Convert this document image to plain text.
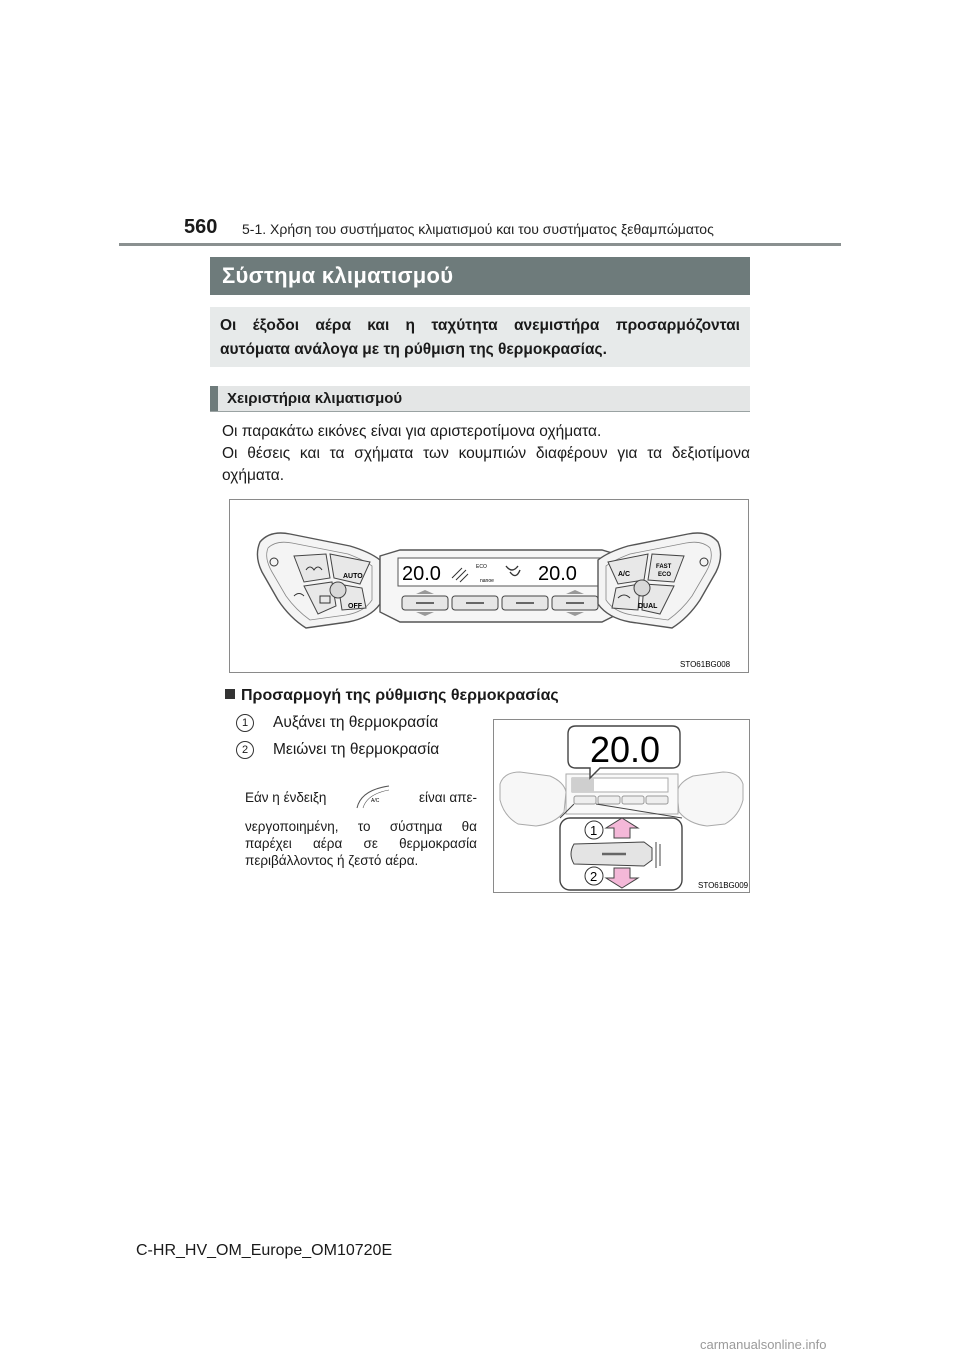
560 5-1. Χρήση του συστήματος κλιματισμού και του συστήματος ξεθαμπώματος
Σύστημα κλιματισμού
Οι έξοδοι αέρα και η ταχύτητα ανεμιστήρα προσαρμόζονται
αυτόματα ανάλογα με τη ρύθμιση της θερμοκρασίας.
Χειριστήρια κλιματισμού

Οι παρακάτω εικόνες είναι για αριστεροτίμονα οχήματα.

Οι θέσεις και τα σχήματα των κουμπιών διαφέρουν για τα δεξιοτίμονα

οχήματα.

AUTO
OFF
20.0	20.0
ECO
nanoe
A/C
FAST
ECO
DUAL
STO61BG008
Προσαρμογή της ρύθμισης θερμοκρασίας
1	Αυξάνει τη θερμοκρασία
2	Μειώνει τη θερμοκρασία

Εάν η ένδειξη	A/C	είναι απε-

νεργοποιημένη, το σύστημα θα

παρέχει αέρα σε θερμοκρασία

περιβάλλοντος ή ζεστό αέρα.

20.0
1
2
STO61BG009
C-HR_HV_OM_Europe_OM10720E
carmanualsonline.info
